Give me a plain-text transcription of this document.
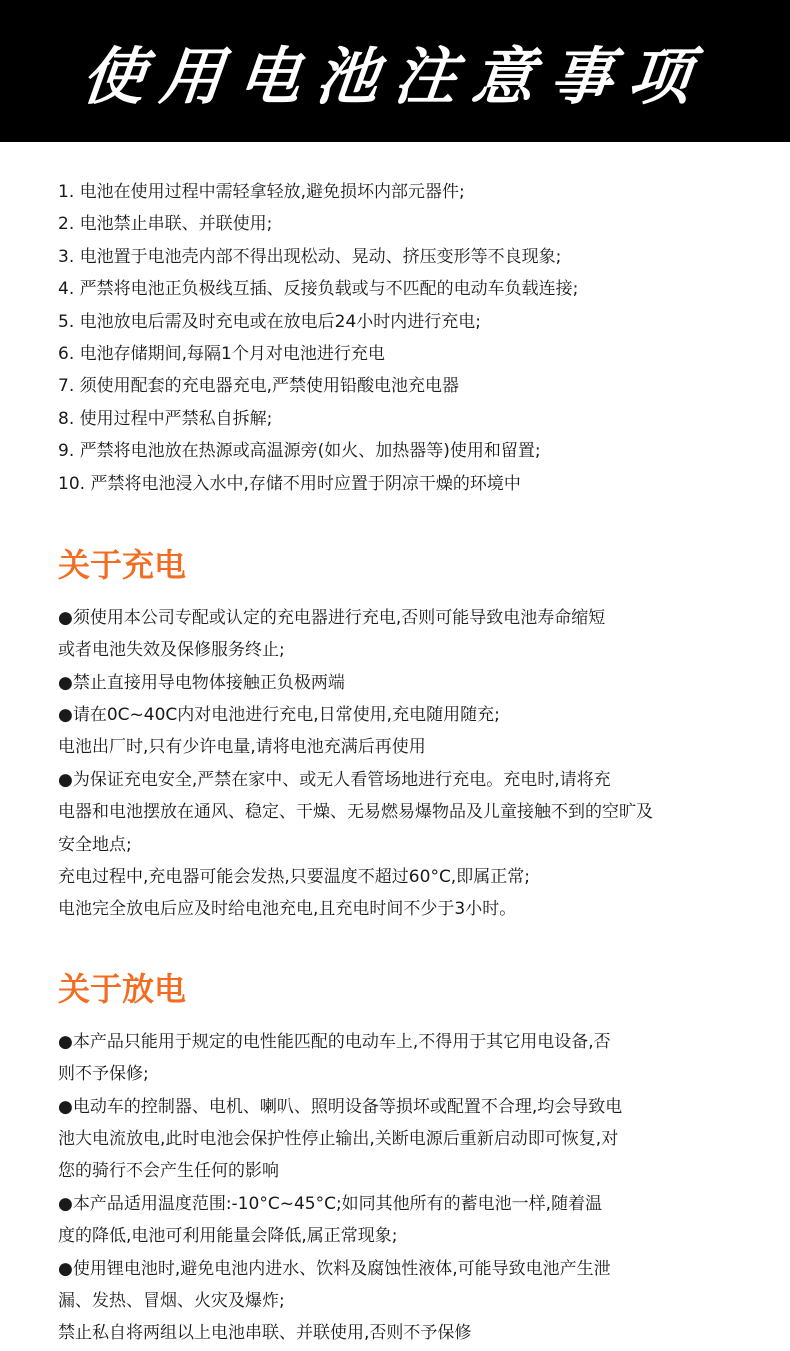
使用电池注意事项
1. 电池在使用过程中需轻拿轻放,避免损坏内部元器件;
2. 电池禁止串联、并联使用;
3. 电池置于电池壳内部不得出现松动、晃动、挤压变形等不良现象;
4. 严禁将电池正负极线互插、反接负载或与不匹配的电动车负载连接;
5. 电池放电后需及时充电或在放电后24小时内进行充电;
6. 电池存储期间,每隔1个月对电池进行充电
7. 须使用配套的充电器充电,严禁使用铅酸电池充电器
8. 使用过程中严禁私自拆解;
9. 严禁将电池放在热源或高温源旁(如火、加热器等)使用和留置;
10. 严禁将电池浸入水中,存储不用时应置于阴凉干燥的环境中
关于充电
●须使用本公司专配或认定的充电器进行充电,否则可能导致电池寿命缩短
或者电池失效及保修服务终止;
●禁止直接用导电物体接触正负极两端
●请在0C~40C内对电池进行充电,日常使用,充电随用随充;
电池出厂时,只有少许电量,请将电池充满后再使用
●为保证充电安全,严禁在家中、或无人看管场地进行充电。充电时,请将充
电器和电池摆放在通风、稳定、干燥、无易燃易爆物品及儿童接触不到的空旷及
安全地点;
充电过程中,充电器可能会发热,只要温度不超过60°C,即属正常;
电池完全放电后应及时给电池充电,且充电时间不少于3小时。
关于放电
●本产品只能用于规定的电性能匹配的电动车上,不得用于其它用电设备,否
则不予保修;
●电动车的控制器、电机、喇叭、照明设备等损坏或配置不合理,均会导致电
池大电流放电,此时电池会保护性停止输出,关断电源后重新启动即可恢复,对
您的骑行不会产生任何的影响
●本产品适用温度范围:-10°C~45°C;如同其他所有的蓄电池一样,随着温
度的降低,电池可利用能量会降低,属正常现象;
●使用锂电池时,避免电池内进水、饮料及腐蚀性液体,可能导致电池产生泄
漏、发热、冒烟、火灾及爆炸;
禁止私自将两组以上电池串联、并联使用,否则不予保修
